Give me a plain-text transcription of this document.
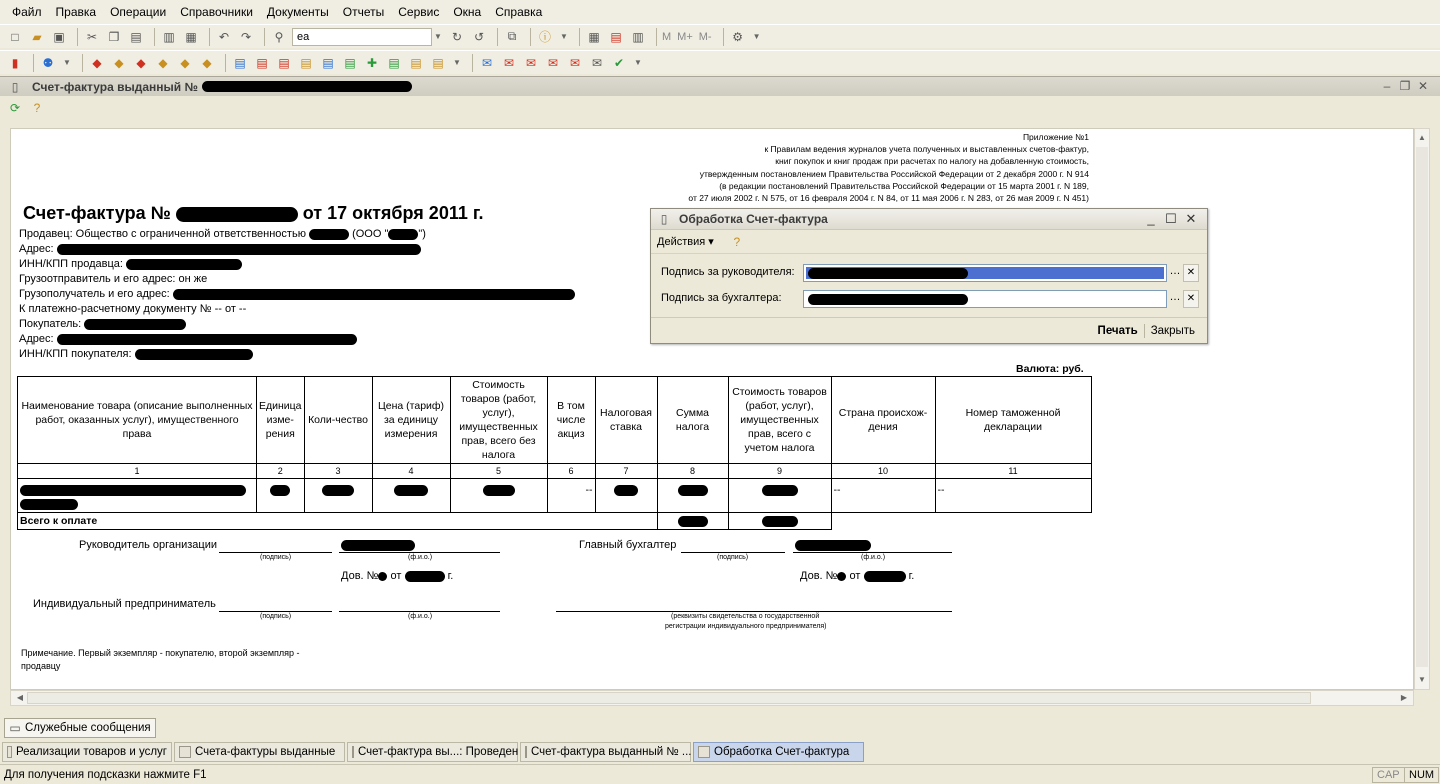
Файл Правка Операции Справочники Документы Отчеты Сервис Окна Справка
□	▰ ▣	✂ ❐ ▤ ▥ ▦	↶ ↷	⚲	ea	▼ ↻ ↺	⧉	ⓘ	▼ ▦ ▤ ▥	M M+ M-	⚙	▼
▮	⚉	▼	◆	◆	◆	◆	◆	◆	▤ ▤ ▤ ▤ ▤ ▤ ✚ ▤ ▤ ▤	▼	✉ ✉ ✉ ✉ ✉ ✉ ✔	▼
▯	Счет-фактура выданный №	– ❐ ✕
⟳	?
Приложение №1
к Правилам ведения журналов учета полученных и выставленных счетов-фактур,
книг покупок и книг продаж при расчетах по налогу на добавленную стоимость,
утвержденным постановлением Правительства Российской Федерации от 2 декабря 2000 г. N 914
(в редакции постановлений Правительства Российской Федерации от 15 марта 2001 г. N 189,
от 27 июля 2002 г. N 575, от 16 февраля 2004 г. N 84, от 11 мая 2006 г. N 283, от 26 мая 2009 г. N 451)
Счет-фактура №	от 17 октября 2011 г.
Продавец: Общество с ограниченной ответственностью	(ООО "	")
Адрес:
ИНН/КПП продавца:
Грузоотправитель и его адрес: он же
Грузополучатель и его адрес:
К платежно-расчетному документу № -- от --
Покупатель:
Адрес:
ИНН/КПП покупателя:
Валюта: руб.
Наименование товара (описание выполненных работ, оказанных услуг), имущественного права	Единица изме-рения	Коли-чество	Цена (тариф) за единицу измерения	Стоимость товаров (работ, услуг), имущественных прав, всего без налога	В том числе акциз	Налоговая ставка	Сумма налога	Стоимость товаров (работ, услуг), имущественных прав, всего с учетом налога	Страна происхож-дения	Номер таможенной декларации
1	2	3	4	5	6	7	8	9	10	11

					--				--	--
Всего к оплате										
Руководитель организации
(подпись)	(ф.и.о.)
Дов. № от	г.
Главный бухгалтер
(подпись)	(ф.и.о.)
Дов. № от	г.
Индивидуальный предприниматель
(подпись)	(ф.и.о.)	(реквизиты свидетельства о государственной
регистрации индивидуального предпринимателя)
Примечание. Первый экземпляр - покупателю, второй экземпляр -
продавцу
▲
▼
◀	▶
▯ Обработка Счет-фактура	_ ☐ ✕
Действия ▾	?
Подпись за руководителя:	… ✕
Подпись за бухгалтера:	… ✕
Печать	Закрыть
▭ Служебные сообщения
Реализации товаров и услуг Счета-фактуры выданные Счет-фактура вы...: Проведен Счет-фактура выданный № ... Обработка Счет-фактура
Для получения подсказки нажмите F1	CAP NUM
